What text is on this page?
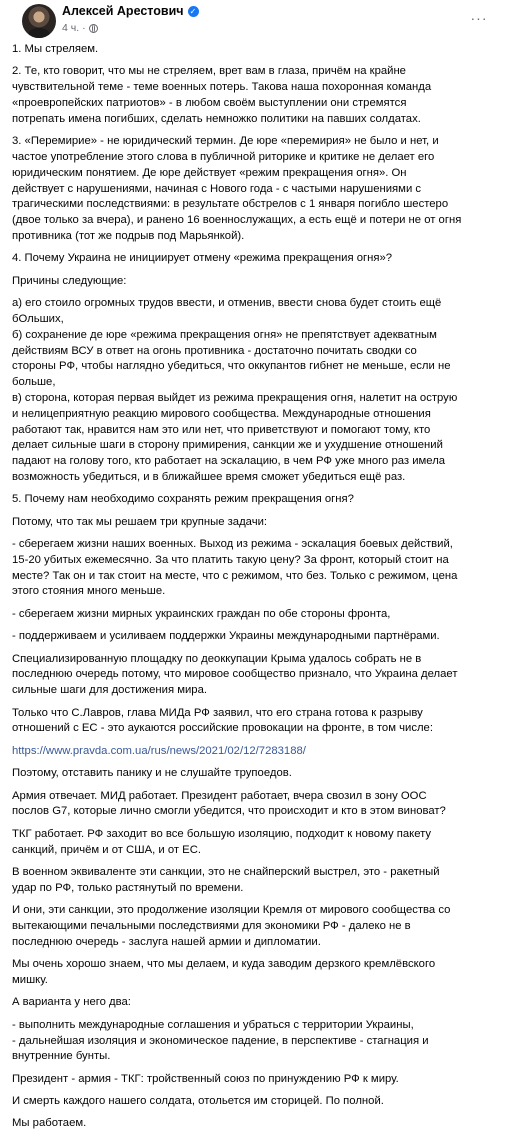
Алексей Арестович ✓
4 ч. ·
···

1. Мы стреляем.

2. Те, кто говорит, что мы не стреляем, врет вам в глаза, причём на крайне
чувствительной теме - теме военных потерь. Такова наша похоронная команда
«проевропейских патриотов» - в любом своём выступлении они стремятся
потрепать имена погибших, сделать немножко политики на павших солдатах.

3. «Перемирие» - не юридический термин. Де юре «перемирия» не было и нет, и
частое употребление этого слова в публичной риторике и критике не делает его
юридическим понятием. Де юре действует «режим прекращения огня». Он
действует с нарушениями, начиная с Нового года - с частыми нарушениями с
трагическими последствиями: в результате обстрелов с 1 января погибло шестеро
(двое только за вчера), и ранено 16 военнослужащих, а есть ещё и потери не от огня
противника (тот же подрыв под Марьянкой).

4. Почему Украина не инициирует отмену «режима прекращения огня»?

Причины следующие:

а) его стоило огромных трудов ввести, и отменив, ввести снова будет стоить ещё
бОльших,
б) сохранение де юре «режима прекращения огня» не препятствует адекватным
действиям ВСУ в ответ на огонь противника - достаточно почитать сводки со
стороны РФ, чтобы наглядно убедиться, что оккупантов гибнет не меньше, если не
больше,
в) сторона, которая первая выйдет из режима прекращения огня, налетит на острую
и нелицеприятную реакцию мирового сообщества. Международные отношения
работают так, нравится нам это или нет, что приветствуют и помогают тому, кто
делает сильные шаги в сторону примирения, санкции же и ухудшение отношений
падают на голову того, кто работает на эскалацию, в чем РФ уже много раз имела
возможность убедиться, и в ближайшее время сможет убедиться ещё раз.

5. Почему нам необходимо сохранять режим прекращения огня?

Потому, что так мы решаем три крупные задачи:

- сберегаем жизни наших военных. Выход из режима - эскалация боевых действий,
15-20 убитых ежемесячно. За что платить такую цену? За фронт, который стоит на
месте? Так он и так стоит на месте, что с режимом, что без. Только с режимом, цена
этого стояния много меньше.

- сберегаем жизни мирных украинских граждан по обе стороны фронта,

- поддерживаем и усиливаем поддержки Украины международными партнёрами.

Специализированную площадку по деоккупации Крыма удалось собрать не в
последнюю очередь потому, что мировое сообщество признало, что Украина делает
сильные шаги для достижения мира.

Только что С.Лавров, глава МИДа РФ заявил, что его страна готова к разрыву
отношений с ЕС - это аукаются российские провокации на фронте, в том числе:

https://www.pravda.com.ua/rus/news/2021/02/12/7283188/

Поэтому, отставить панику и не слушайте трупоедов.

Армия отвечает. МИД работает. Президент работает, вчера свозил в зону ООС
послов G7, которые лично смогли убедится, что происходит и кто в этом виноват?

ТКГ работает. РФ заходит во все большую изоляцию, подходит к новому пакету
санкций, причём и от США, и от ЕС.

В военном эквиваленте эти санкции, это не снайперский выстрел, это - ракетный
удар по РФ, только растянутый по времени.

И они, эти санкции, это продолжение изоляции Кремля от мирового сообщества со
вытекающими печальными последствиями для экономики РФ - далеко не в
последнюю очередь - заслуга нашей армии и дипломатии.

Мы очень хорошо знаем, что мы делаем, и куда заводим дерзкого кремлёвского
мишку.

А варианта у него два:

- выполнить международные соглашения и убраться с территории Украины,
- дальнейшая изоляция и экономическое падение, в перспективе - стагнация и
внутренние бунты.

Президент - армия - ТКГ: тройственный союз по принуждению РФ к миру.

И смерть каждого нашего солдата, отольется им сторицей. По полной.

Мы работаем.
